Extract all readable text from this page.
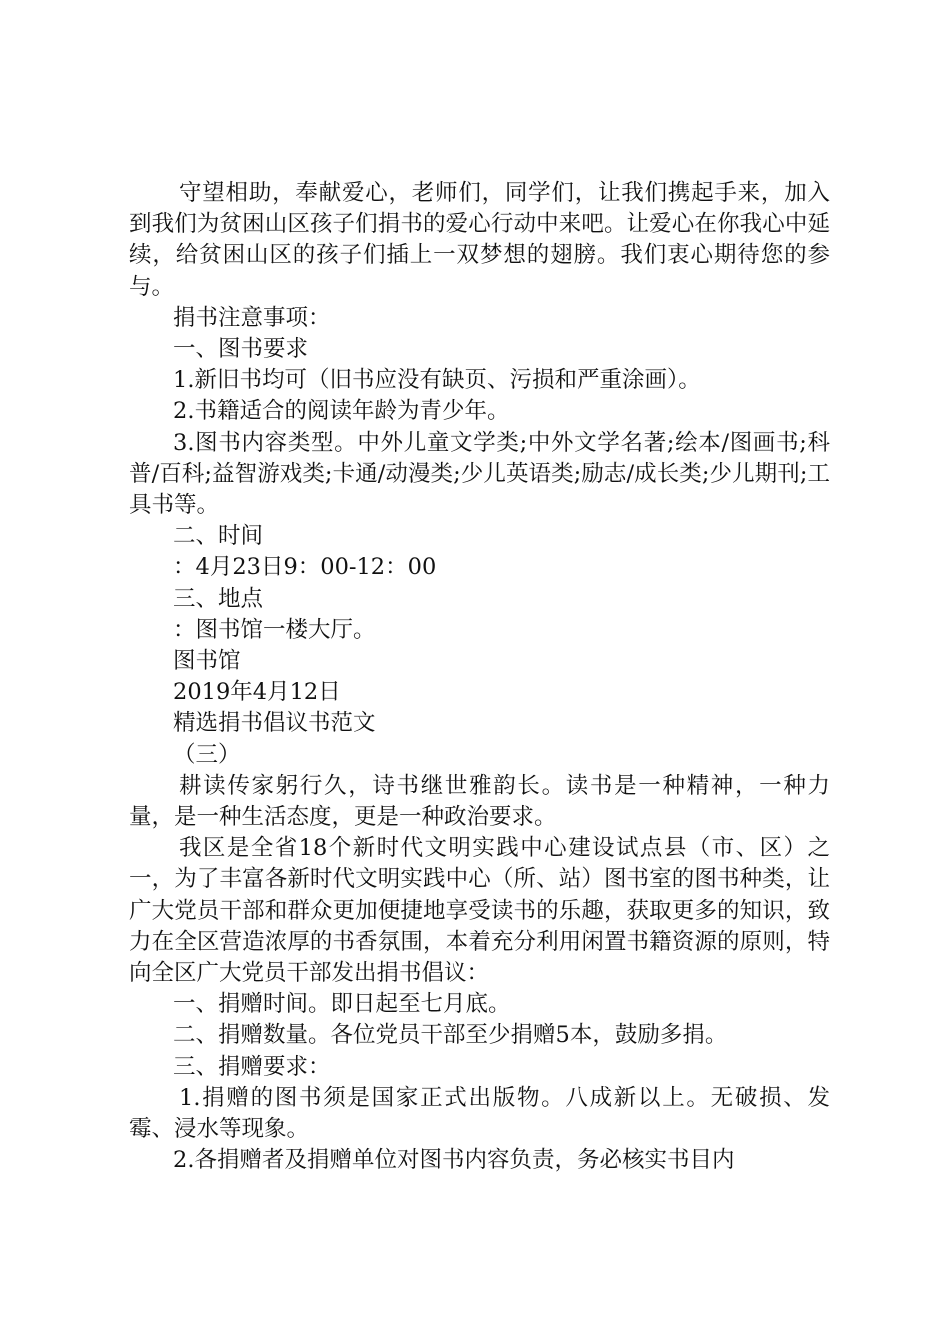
守望相助，奉献爱心，老师们，同学们，让我们携起手来，加入到我们为贫困山区孩子们捐书的爱心行动中来吧。让爱心在你我心中延续，给贫困山区的孩子们插上一双梦想的翅膀。我们衷心期待您的参与。

捐书注意事项：

一、图书要求

1.新旧书均可（旧书应没有缺页、污损和严重涂画）。

2.书籍适合的阅读年龄为青少年。

3.图书内容类型。中外儿童文学类;中外文学名著;绘本/图画书;科普/百科;益智游戏类;卡通/动漫类;少儿英语类;励志/成长类;少儿期刊;工具书等。

二、时间

：4月23日9：00-12：00

三、地点

：图书馆一楼大厅。

图书馆

2019年4月12日

精选捐书倡议书范文

（三）

耕读传家躬行久，诗书继世雅韵长。读书是一种精神，一种力量，是一种生活态度，更是一种政治要求。

我区是全省18个新时代文明实践中心建设试点县（市、区）之一，为了丰富各新时代文明实践中心（所、站）图书室的图书种类，让广大党员干部和群众更加便捷地享受读书的乐趣，获取更多的知识，致力在全区营造浓厚的书香氛围，本着充分利用闲置书籍资源的原则，特向全区广大党员干部发出捐书倡议：

一、捐赠时间。即日起至七月底。

二、捐赠数量。各位党员干部至少捐赠5本，鼓励多捐。

三、捐赠要求：

1.捐赠的图书须是国家正式出版物。八成新以上。无破损、发霉、浸水等现象。

2.各捐赠者及捐赠单位对图书内容负责，务必核实书目内
